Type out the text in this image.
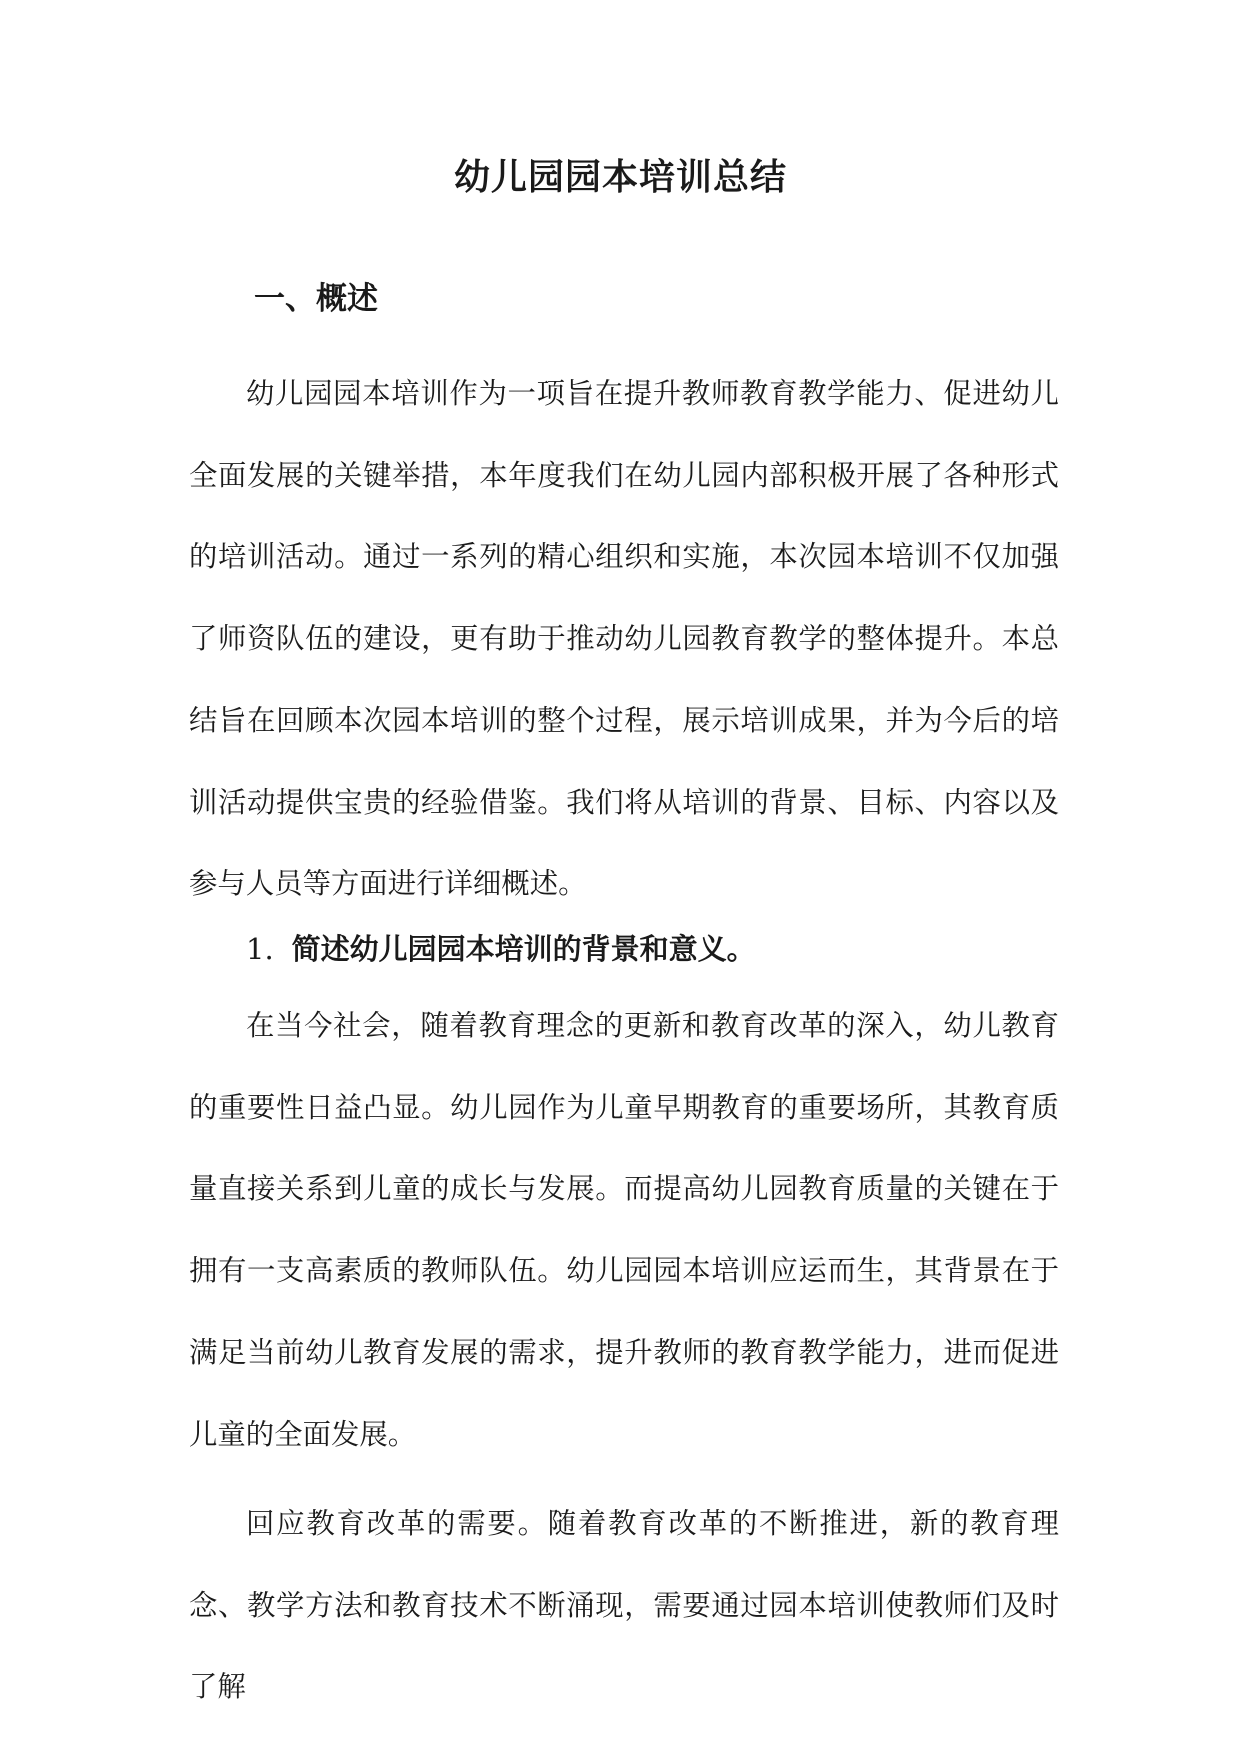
幼儿园园本培训总结
一、概述

幼儿园园本培训作为一项旨在提升教师教育教学能力、促进幼儿全面发展的关键举措，本年度我们在幼儿园内部积极开展了各种形式的培训活动。通过一系列的精心组织和实施，本次园本培训不仅加强了师资队伍的建设，更有助于推动幼儿园教育教学的整体提升。本总结旨在回顾本次园本培训的整个过程，展示培训成果，并为今后的培训活动提供宝贵的经验借鉴。我们将从培训的背景、目标、内容以及参与人员等方面进行详细概述。

1. 简述幼儿园园本培训的背景和意义。

在当今社会，随着教育理念的更新和教育改革的深入，幼儿教育的重要性日益凸显。幼儿园作为儿童早期教育的重要场所，其教育质量直接关系到儿童的成长与发展。而提高幼儿园教育质量的关键在于拥有一支高素质的教师队伍。幼儿园园本培训应运而生，其背景在于满足当前幼儿教育发展的需求，提升教师的教育教学能力，进而促进儿童的全面发展。

回应教育改革的需要。随着教育改革的不断推进，新的教育理念、教学方法和教育技术不断涌现，需要通过园本培训使教师们及时了解
